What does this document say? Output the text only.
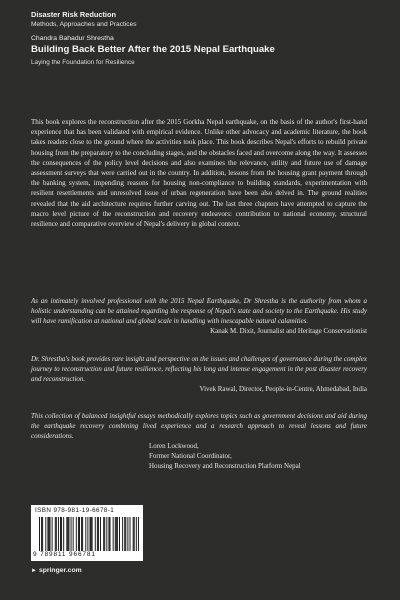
Disaster Risk Reduction

Methods, Approaches and Practices

Chandra Bahadur Shrestha

Building Back Better After the 2015 Nepal Earthquake

Laying the Foundation for Resilience

This book explores the reconstruction after the 2015 Gorkha Nepal earthquake, on the basis of the author's first-hand experience that has been validated with empirical evidence. Unlike other advocacy and academic literature, the book takes readers close to the ground where the activities took place. This book describes Nepal's efforts to rebuild private housing from the preparatory to the concluding stages, and the obstacles faced and overcome along the way. It assesses the consequences of the policy level decisions and also examines the relevance, utility and future use of damage assessment surveys that were carried out in the country. In addition, lessons from the housing grant payment through the banking system, impending reasons for housing non-compliance to building standards, experimentation with resilient resettlements and unresolved issue of urban regeneration have been also delved in. The ground realities revealed that the aid architecture requires further carving out. The last three chapters have attempted to capture the macro level picture of the reconstruction and recovery endeavors: contribution to national economy, structural resilience and comparative overview of Nepal's delivery in global context.

As an intimately involved professional with the 2015 Nepal Earthquake, Dr Shrestha is the authority from whom a holistic understanding can be attained regarding the response of Nepal's state and society to the Earthquake. His study will have ramification at national and global scale in handling with inescapable natural calamities.

Kanak M. Dixit, Journalist and Heritage Conservationist

Dr. Shrestha's book provides rare insight and perspective on the issues and challenges of governance during the complex journey to reconstruction and future resilience, reflecting his long and intense engagement in the post disaster recovery and reconstruction.

Vivek Rawal, Director, People-in-Centre, Ahmedabad, India

This collection of balanced insightful essays methodically explores topics such as government decisions and aid during the earthquake recovery combining lived experience and a research approach to reveal lessons and future considerations.

Loren Lockwood,
Former National Coordinator,
Housing Recovery and Reconstruction Platform Nepal
ISBN 978-981-19-6678-1
9 789811 966781
► springer.com
